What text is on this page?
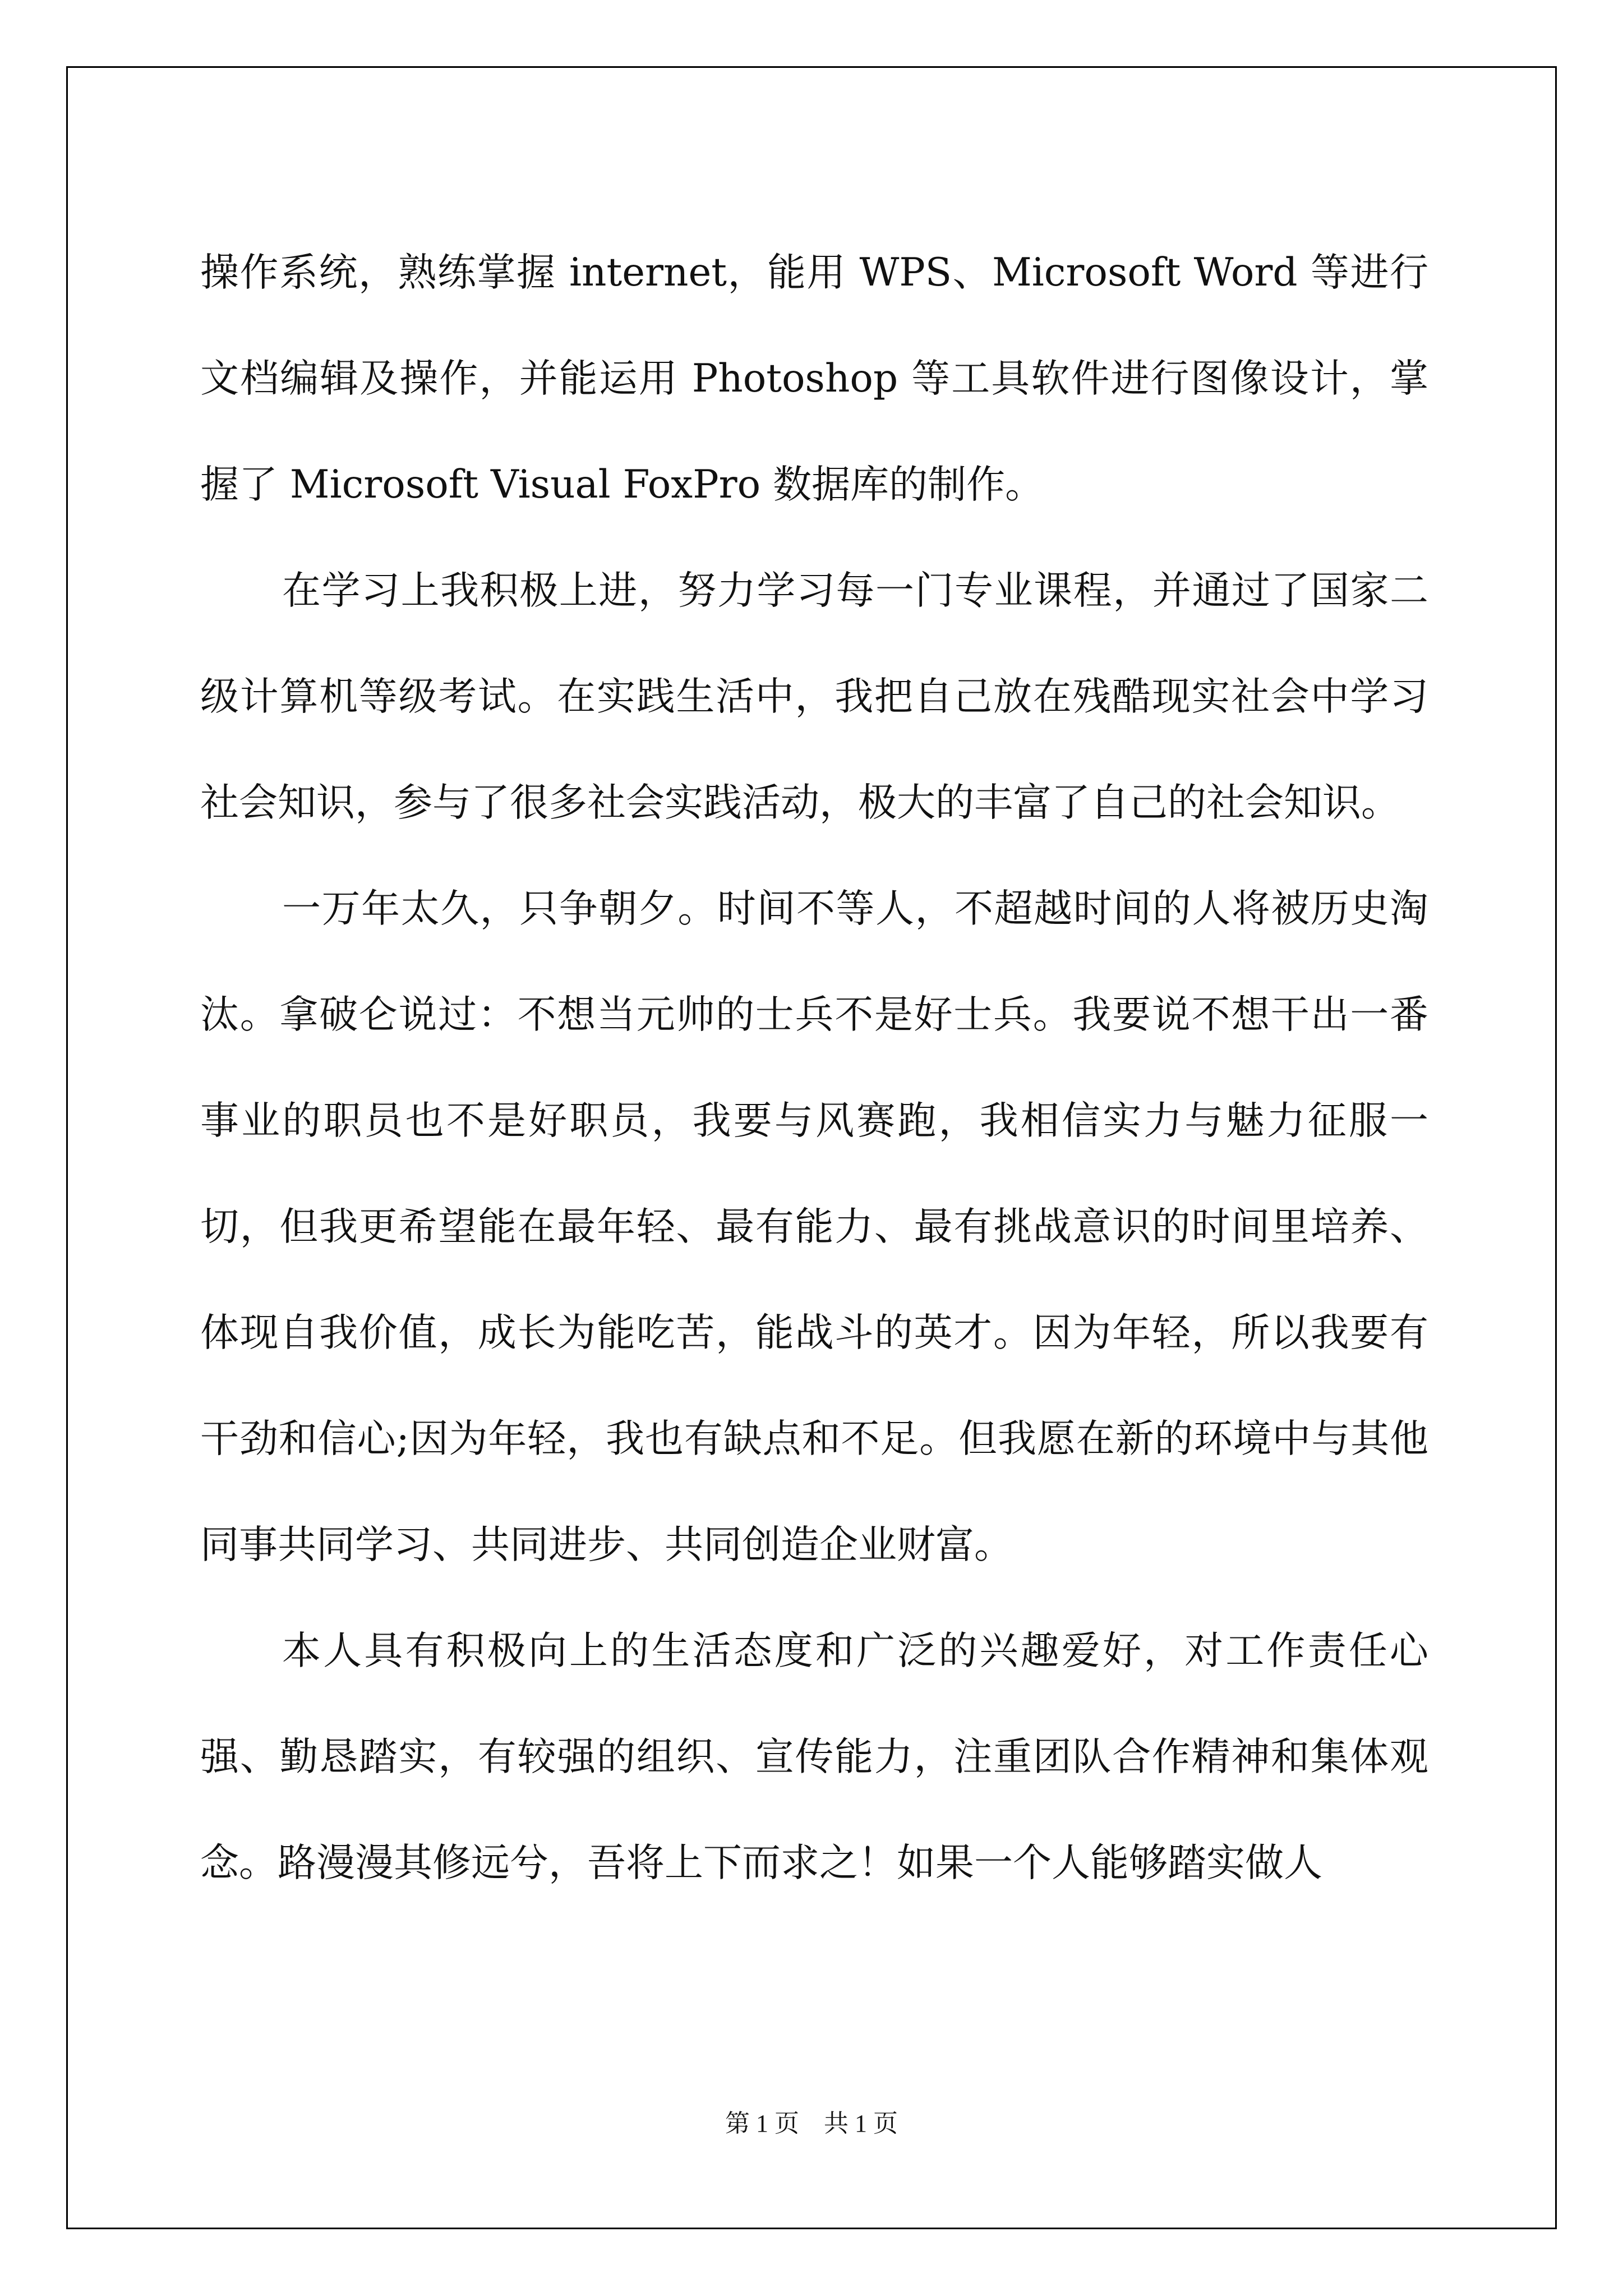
操作系统，熟练掌握 internet，能用 WPS、Microsoft Word 等进行文档编辑及操作，并能运用 Photoshop 等工具软件进行图像设计，掌握了 Microsoft Visual FoxPro 数据库的制作。

在学习上我积极上进，努力学习每一门专业课程，并通过了国家二级计算机等级考试。在实践生活中，我把自己放在残酷现实社会中学习社会知识，参与了很多社会实践活动，极大的丰富了自己的社会知识。

一万年太久，只争朝夕。时间不等人，不超越时间的人将被历史淘汰。拿破仑说过：不想当元帅的士兵不是好士兵。我要说不想干出一番事业的职员也不是好职员，我要与风赛跑，我相信实力与魅力征服一切，但我更希望能在最年轻、最有能力、最有挑战意识的时间里培养、体现自我价值，成长为能吃苦，能战斗的英才。因为年轻，所以我要有干劲和信心;因为年轻，我也有缺点和不足。但我愿在新的环境中与其他同事共同学习、共同进步、共同创造企业财富。

本人具有积极向上的生活态度和广泛的兴趣爱好，对工作责任心强、勤恳踏实，有较强的组织、宣传能力，注重团队合作精神和集体观念。路漫漫其修远兮，吾将上下而求之！如果一个人能够踏实做人

第 1 页　共 1 页
